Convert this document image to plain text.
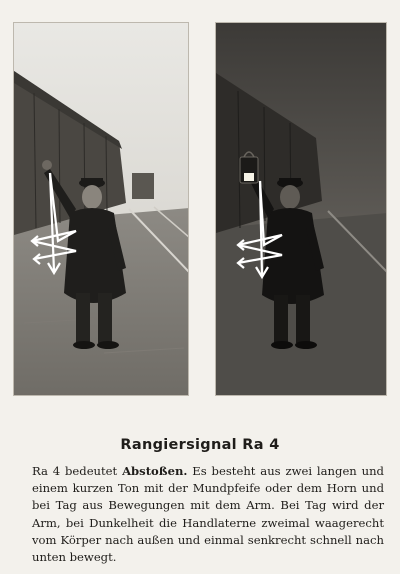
Rangiersignal Ra 4

Ra 4 bedeutet Abstoßen. Es besteht aus zwei langen und einem kurzen Ton mit der Mundpfeife oder dem Horn und bei Tag aus Bewegungen mit dem Arm. Bei Tag wird der Arm, bei Dunkelheit die Handlaterne zweimal waagerecht vom Körper nach außen und einmal senkrecht schnell nach unten bewegt.
